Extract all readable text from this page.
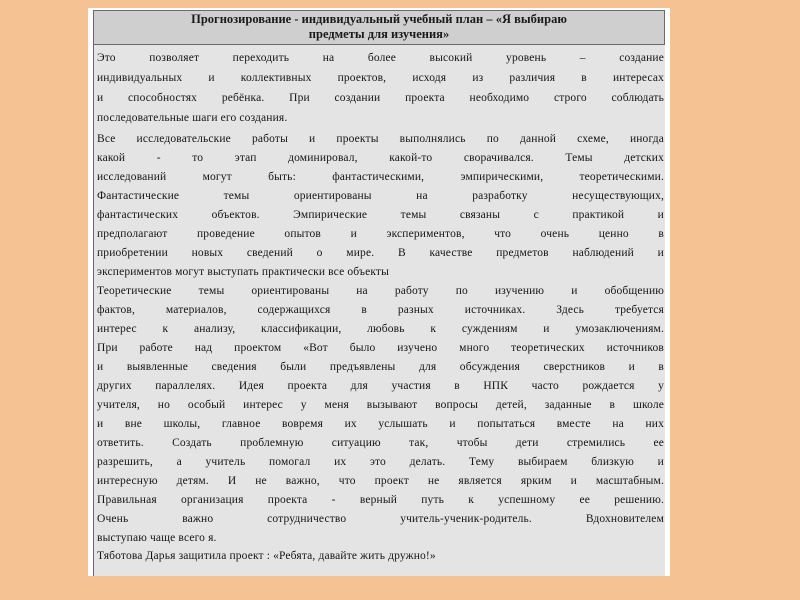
Прогнозирование - индивидуальный учебный план – «Я выбираю
предметы для изучения»
Это позволяет переходить на более высокий уровень – создание
индивидуальных и коллективных проектов, исходя из различия в интересах
и способностях ребёнка. При создании проекта необходимо строго соблюдать
последовательные шаги его создания.
Все исследовательские работы и проекты выполнялись по данной схеме, иногда
какой - то этап доминировал, какой-то сворачивался. Темы детских
исследований могут быть: фантастическими, эмпирическими, теоретическими.
Фантастические темы ориентированы на разработку несуществующих,
фантастических объектов. Эмпирические темы связаны с практикой и
предполагают проведение опытов и экспериментов, что очень ценно в
приобретении новых сведений о мире. В качестве предметов наблюдений и
экспериментов могут выступать практически все объекты
Теоретические темы ориентированы на работу по изучению и обобщению
фактов, материалов, содержащихся в разных источниках. Здесь требуется
интерес к анализу, классификации, любовь к суждениям и умозаключениям.
При работе над проектом «Вот было изучено много теоретических источников
и выявленные сведения были предъявлены для обсуждения сверстников и в
других параллелях. Идея проекта для участия в НПК часто рождается у
учителя, но особый интерес у меня вызывают вопросы детей, заданные в школе
и вне школы, главное вовремя их услышать и попытаться вместе на них
ответить. Создать проблемную ситуацию так, чтобы дети стремились ее
разрешить, а учитель помогал их это делать. Тему выбираем близкую и
интересную детям. И не важно, что проект не является ярким и масштабным.
Правильная организация проекта - верный путь к успешному ее решению.
Очень важно сотрудничество учитель-ученик-родитель. Вдохновителем
выступаю чаще всего я.
Тяботова Дарья защитила проект : «Ребята, давайте жить дружно!»
